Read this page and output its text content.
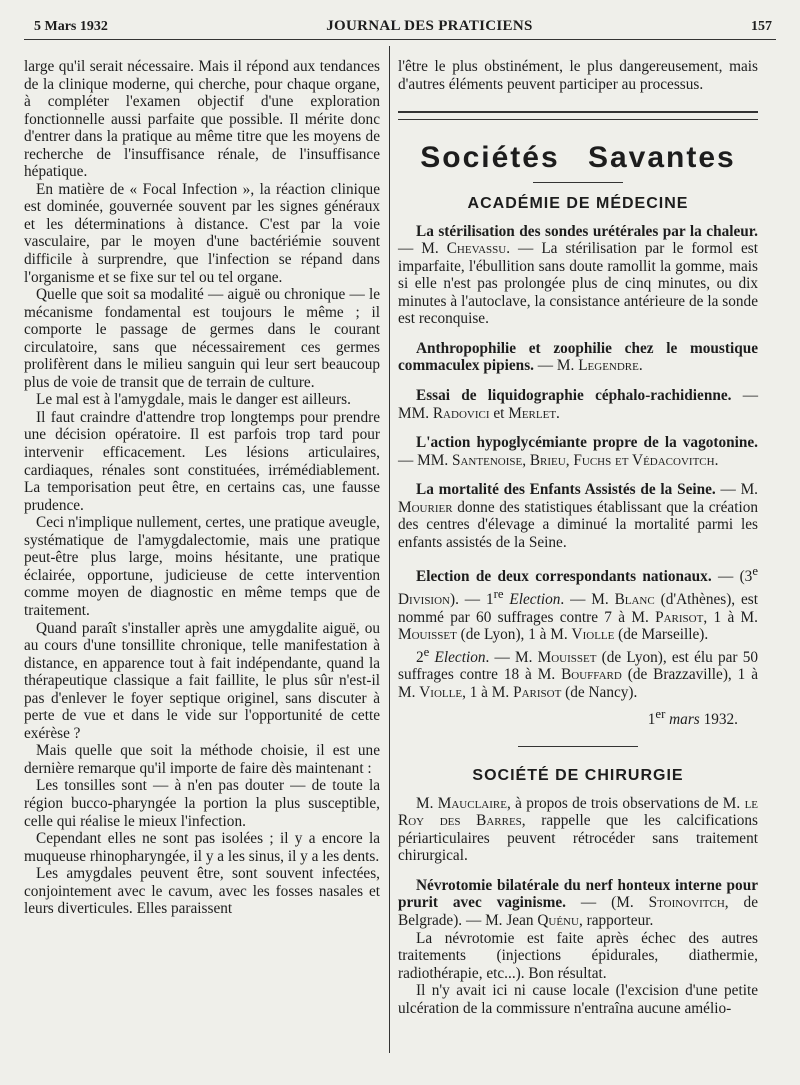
5 Mars 1932	JOURNAL DES PRATICIENS	157

large qu'il serait nécessaire. Mais il répond aux tendances de la clinique moderne, qui cherche, pour chaque organe, à compléter l'examen objectif d'une exploration fonctionnelle aussi parfaite que possible. Il mérite donc d'entrer dans la pratique au même titre que les moyens de recherche de l'insuffisance rénale, de l'insuffisance hépatique.

En matière de « Focal Infection », la réaction clinique est dominée, gouvernée souvent par les signes généraux et les déterminations à distance. C'est par la voie vasculaire, par le moyen d'une bactériémie souvent difficile à surprendre, que l'infection se répand dans l'organisme et se fixe sur tel ou tel organe.

Quelle que soit sa modalité — aiguë ou chronique — le mécanisme fondamental est toujours le même ; il comporte le passage de germes dans le courant circulatoire, sans que nécessairement ces germes prolifèrent dans le milieu sanguin qui leur sert beaucoup plus de voie de transit que de terrain de culture.

Le mal est à l'amygdale, mais le danger est ailleurs.

Il faut craindre d'attendre trop longtemps pour prendre une décision opératoire. Il est parfois trop tard pour intervenir efficacement. Les lésions articulaires, cardiaques, rénales sont constituées, irrémédiablement. La temporisation peut être, en certains cas, une fausse prudence.

Ceci n'implique nullement, certes, une pratique aveugle, systématique de l'amygdalectomie, mais une pratique peut-être plus large, moins hésitante, une pratique éclairée, opportune, judicieuse de cette intervention comme moyen de diagnostic en même temps que de traitement.

Quand paraît s'installer après une amygdalite aiguë, ou au cours d'une tonsillite chronique, telle manifestation à distance, en apparence tout à fait indépendante, quand la thérapeutique classique a fait faillite, le plus sûr n'est-il pas d'enlever le foyer septique originel, sans discuter à perte de vue et dans le vide sur l'opportunité de cette exérèse ?

Mais quelle que soit la méthode choisie, il est une dernière remarque qu'il importe de faire dès maintenant :

Les tonsilles sont — à n'en pas douter — de toute la région bucco-pharyngée la portion la plus susceptible, celle qui réalise le mieux l'infection.

Cependant elles ne sont pas isolées ; il y a encore la muqueuse rhinopharyngée, il y a les sinus, il y a les dents.

Les amygdales peuvent être, sont souvent infectées, conjointement avec le cavum, avec les fosses nasales et leurs diverticules. Elles paraissent

l'être le plus obstinément, le plus dangereusement, mais d'autres éléments peuvent participer au processus.

Sociétés Savantes
ACADÉMIE DE MÉDECINE

La stérilisation des sondes urétérales par la chaleur. — M. Chevassu. — La stérilisation par le formol est imparfaite, l'ébullition sans doute ramollit la gomme, mais si elle n'est pas prolongée plus de cinq minutes, ou dix minutes à l'autoclave, la consistance antérieure de la sonde est reconquise.

Anthropophilie et zoophilie chez le moustique commaculex pipiens. — M. Legendre.

Essai de liquidographie céphalo-rachidienne. — MM. Radovici et Merlet.

L'action hypoglycémiante propre de la vagotonine. — MM. Santenoise, Brieu, Fuchs et Védacovitch.

La mortalité des Enfants Assistés de la Seine. — M. Mourier donne des statistiques établissant que la création des centres d'élevage a diminué la mortalité parmi les enfants assistés de la Seine.

Election de deux correspondants nationaux. — (3e Division). — 1re Election. — M. Blanc (d'Athènes), est nommé par 60 suffrages contre 7 à M. Parisot, 1 à M. Mouisset (de Lyon), 1 à M. Violle (de Marseille).

2e Election. — M. Mouisset (de Lyon), est élu par 50 suffrages contre 18 à M. Bouffard (de Brazzaville), 1 à M. Violle, 1 à M. Parisot (de Nancy).

1er mars 1932.
SOCIÉTÉ DE CHIRURGIE

M. Mauclaire, à propos de trois observations de M. le Roy des Barres, rappelle que les calcifications périarticulaires peuvent rétrocéder sans traitement chirurgical.

Névrotomie bilatérale du nerf honteux interne pour prurit avec vaginisme. — (M. Stoinovitch, de Belgrade). — M. Jean Quénu, rapporteur.

La névrotomie est faite après échec des autres traitements (injections épidurales, diathermie, radiothérapie, etc...). Bon résultat.

Il n'y avait ici ni cause locale (l'excision d'une petite ulcération de la commissure n'entraîna aucune amélio-
